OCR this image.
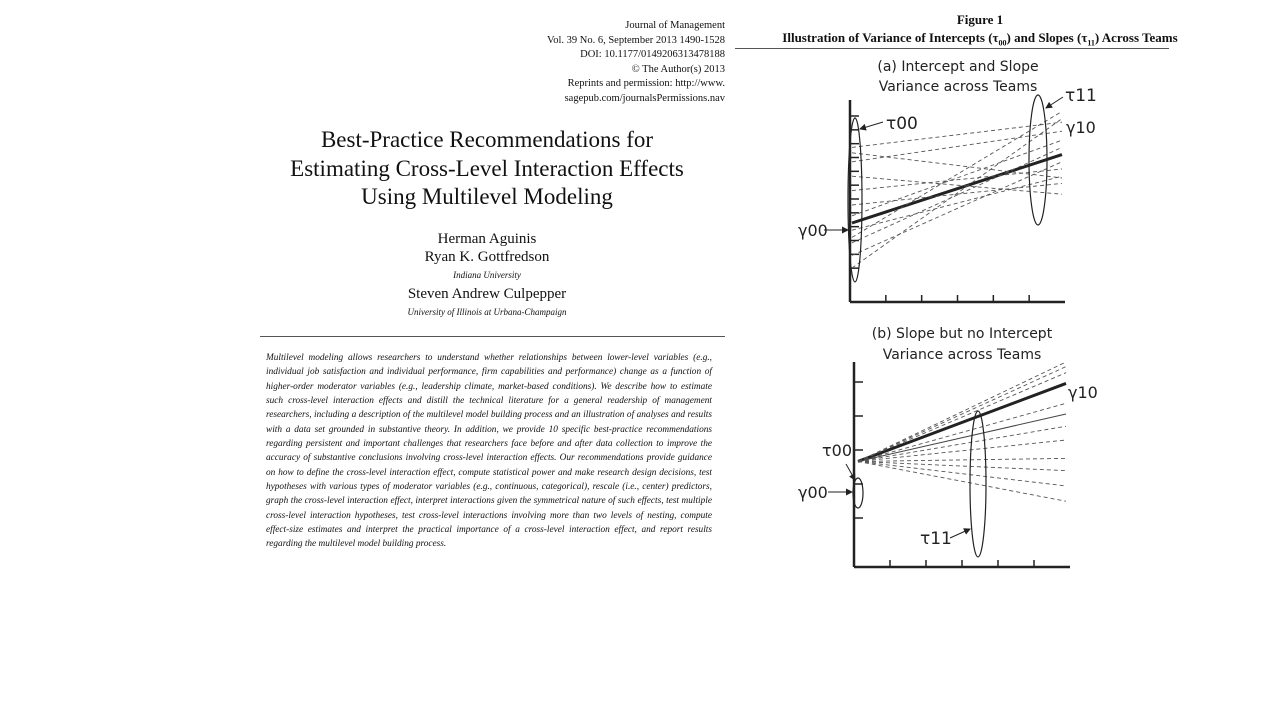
Journal of Management
Vol. 39 No. 6, September 2013 1490-1528
DOI: 10.1177/0149206313478188
© The Author(s) 2013
Reprints and permission: http://www.
sagepub.com/journalsPermissions.nav
Best-Practice Recommendations for
Estimating Cross-Level Interaction Effects
Using Multilevel Modeling
Herman Aguinis
Ryan K. Gottfredson
Indiana University
Steven Andrew Culpepper
University of Illinois at Urbana-Champaign
Multilevel modeling allows researchers to understand whether relationships between lower-level variables (e.g., individual job satisfaction and individual performance, firm capabilities and performance) change as a function of higher-order moderator variables (e.g., leadership climate, market-based conditions). We describe how to estimate such cross-level interaction effects and distill the technical literature for a general readership of management researchers, including a description of the multilevel model building process and an illustration of analyses and results with a data set grounded in substantive theory. In addition, we provide 10 specific best-practice recommendations regarding persistent and important challenges that researchers face before and after data collection to improve the accuracy of substantive conclusions involving cross-level interaction effects. Our recommendations provide guidance on how to define the cross-level interaction effect, compute statistical power and make research design decisions, test hypotheses with various types of moderator variables (e.g., continuous, categorical), rescale (i.e., center) predictors, graph the cross-level interaction effect, interpret interactions given the symmetrical nature of such effects, test multiple cross-level interaction hypotheses, test cross-level interactions involving more than two levels of nesting, compute effect-size estimates and interpret the practical importance of a cross-level interaction effect, and report results regarding the multilevel model building process.
Figure 1
Illustration of Variance of Intercepts $(\tau_{00})$ and Slopes $(\tau_{11})$ Across Teams
(a) Intercept and Slope
Variance across Teams
τ00
τ11
γ10
γ00
(b) Slope but no Intercept
Variance across Teams
γ10
τ00
γ00
τ11
